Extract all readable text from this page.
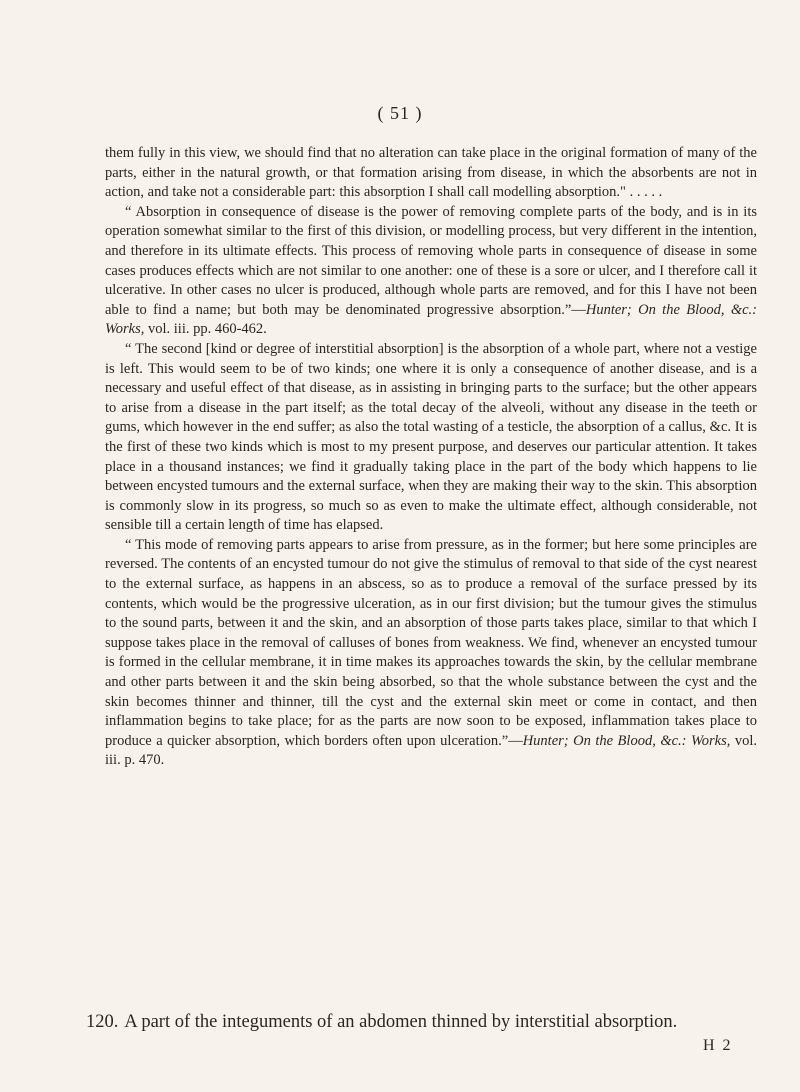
( 51 )

them fully in this view, we should find that no alteration can take place in the original formation of many of the parts, either in the natural growth, or that formation arising from disease, in which the absorbents are not in action, and take not a considerable part: this absorption I shall call modelling absorption." . . . . .

“ Absorption in consequence of disease is the power of removing complete parts of the body, and is in its operation somewhat similar to the first of this division, or modelling process, but very different in the intention, and therefore in its ultimate effects. This process of removing whole parts in consequence of disease in some cases produces effects which are not similar to one another: one of these is a sore or ulcer, and I therefore call it ulcerative. In other cases no ulcer is produced, although whole parts are removed, and for this I have not been able to find a name; but both may be denominated progressive absorption.”—Hunter; On the Blood, &c.: Works, vol. iii. pp. 460-462.

“ The second [kind or degree of interstitial absorption] is the absorption of a whole part, where not a vestige is left. This would seem to be of two kinds; one where it is only a consequence of another disease, and is a necessary and useful effect of that disease, as in assisting in bringing parts to the surface; but the other appears to arise from a disease in the part itself; as the total decay of the alveoli, without any disease in the teeth or gums, which however in the end suffer; as also the total wasting of a testicle, the absorption of a callus, &c. It is the first of these two kinds which is most to my present purpose, and deserves our particular attention. It takes place in a thousand instances; we find it gradually taking place in the part of the body which happens to lie between encysted tumours and the external surface, when they are making their way to the skin. This absorption is commonly slow in its progress, so much so as even to make the ultimate effect, although considerable, not sensible till a certain length of time has elapsed.

“ This mode of removing parts appears to arise from pressure, as in the former; but here some principles are reversed. The contents of an encysted tumour do not give the stimulus of removal to that side of the cyst nearest to the external surface, as happens in an abscess, so as to produce a removal of the surface pressed by its contents, which would be the progressive ulceration, as in our first division; but the tumour gives the stimulus to the sound parts, between it and the skin, and an absorption of those parts takes place, similar to that which I suppose takes place in the removal of calluses of bones from weakness. We find, whenever an encysted tumour is formed in the cellular membrane, it in time makes its approaches towards the skin, by the cellular membrane and other parts between it and the skin being absorbed, so that the whole substance between the cyst and the skin becomes thinner and thinner, till the cyst and the external skin meet or come in contact, and then inflammation begins to take place; for as the parts are now soon to be exposed, inflammation takes place to produce a quicker absorption, which borders often upon ulceration.”—Hunter; On the Blood, &c.: Works, vol. iii. p. 470.

120. A part of the integuments of an abdomen thinned by interstitial absorption.
H 2
